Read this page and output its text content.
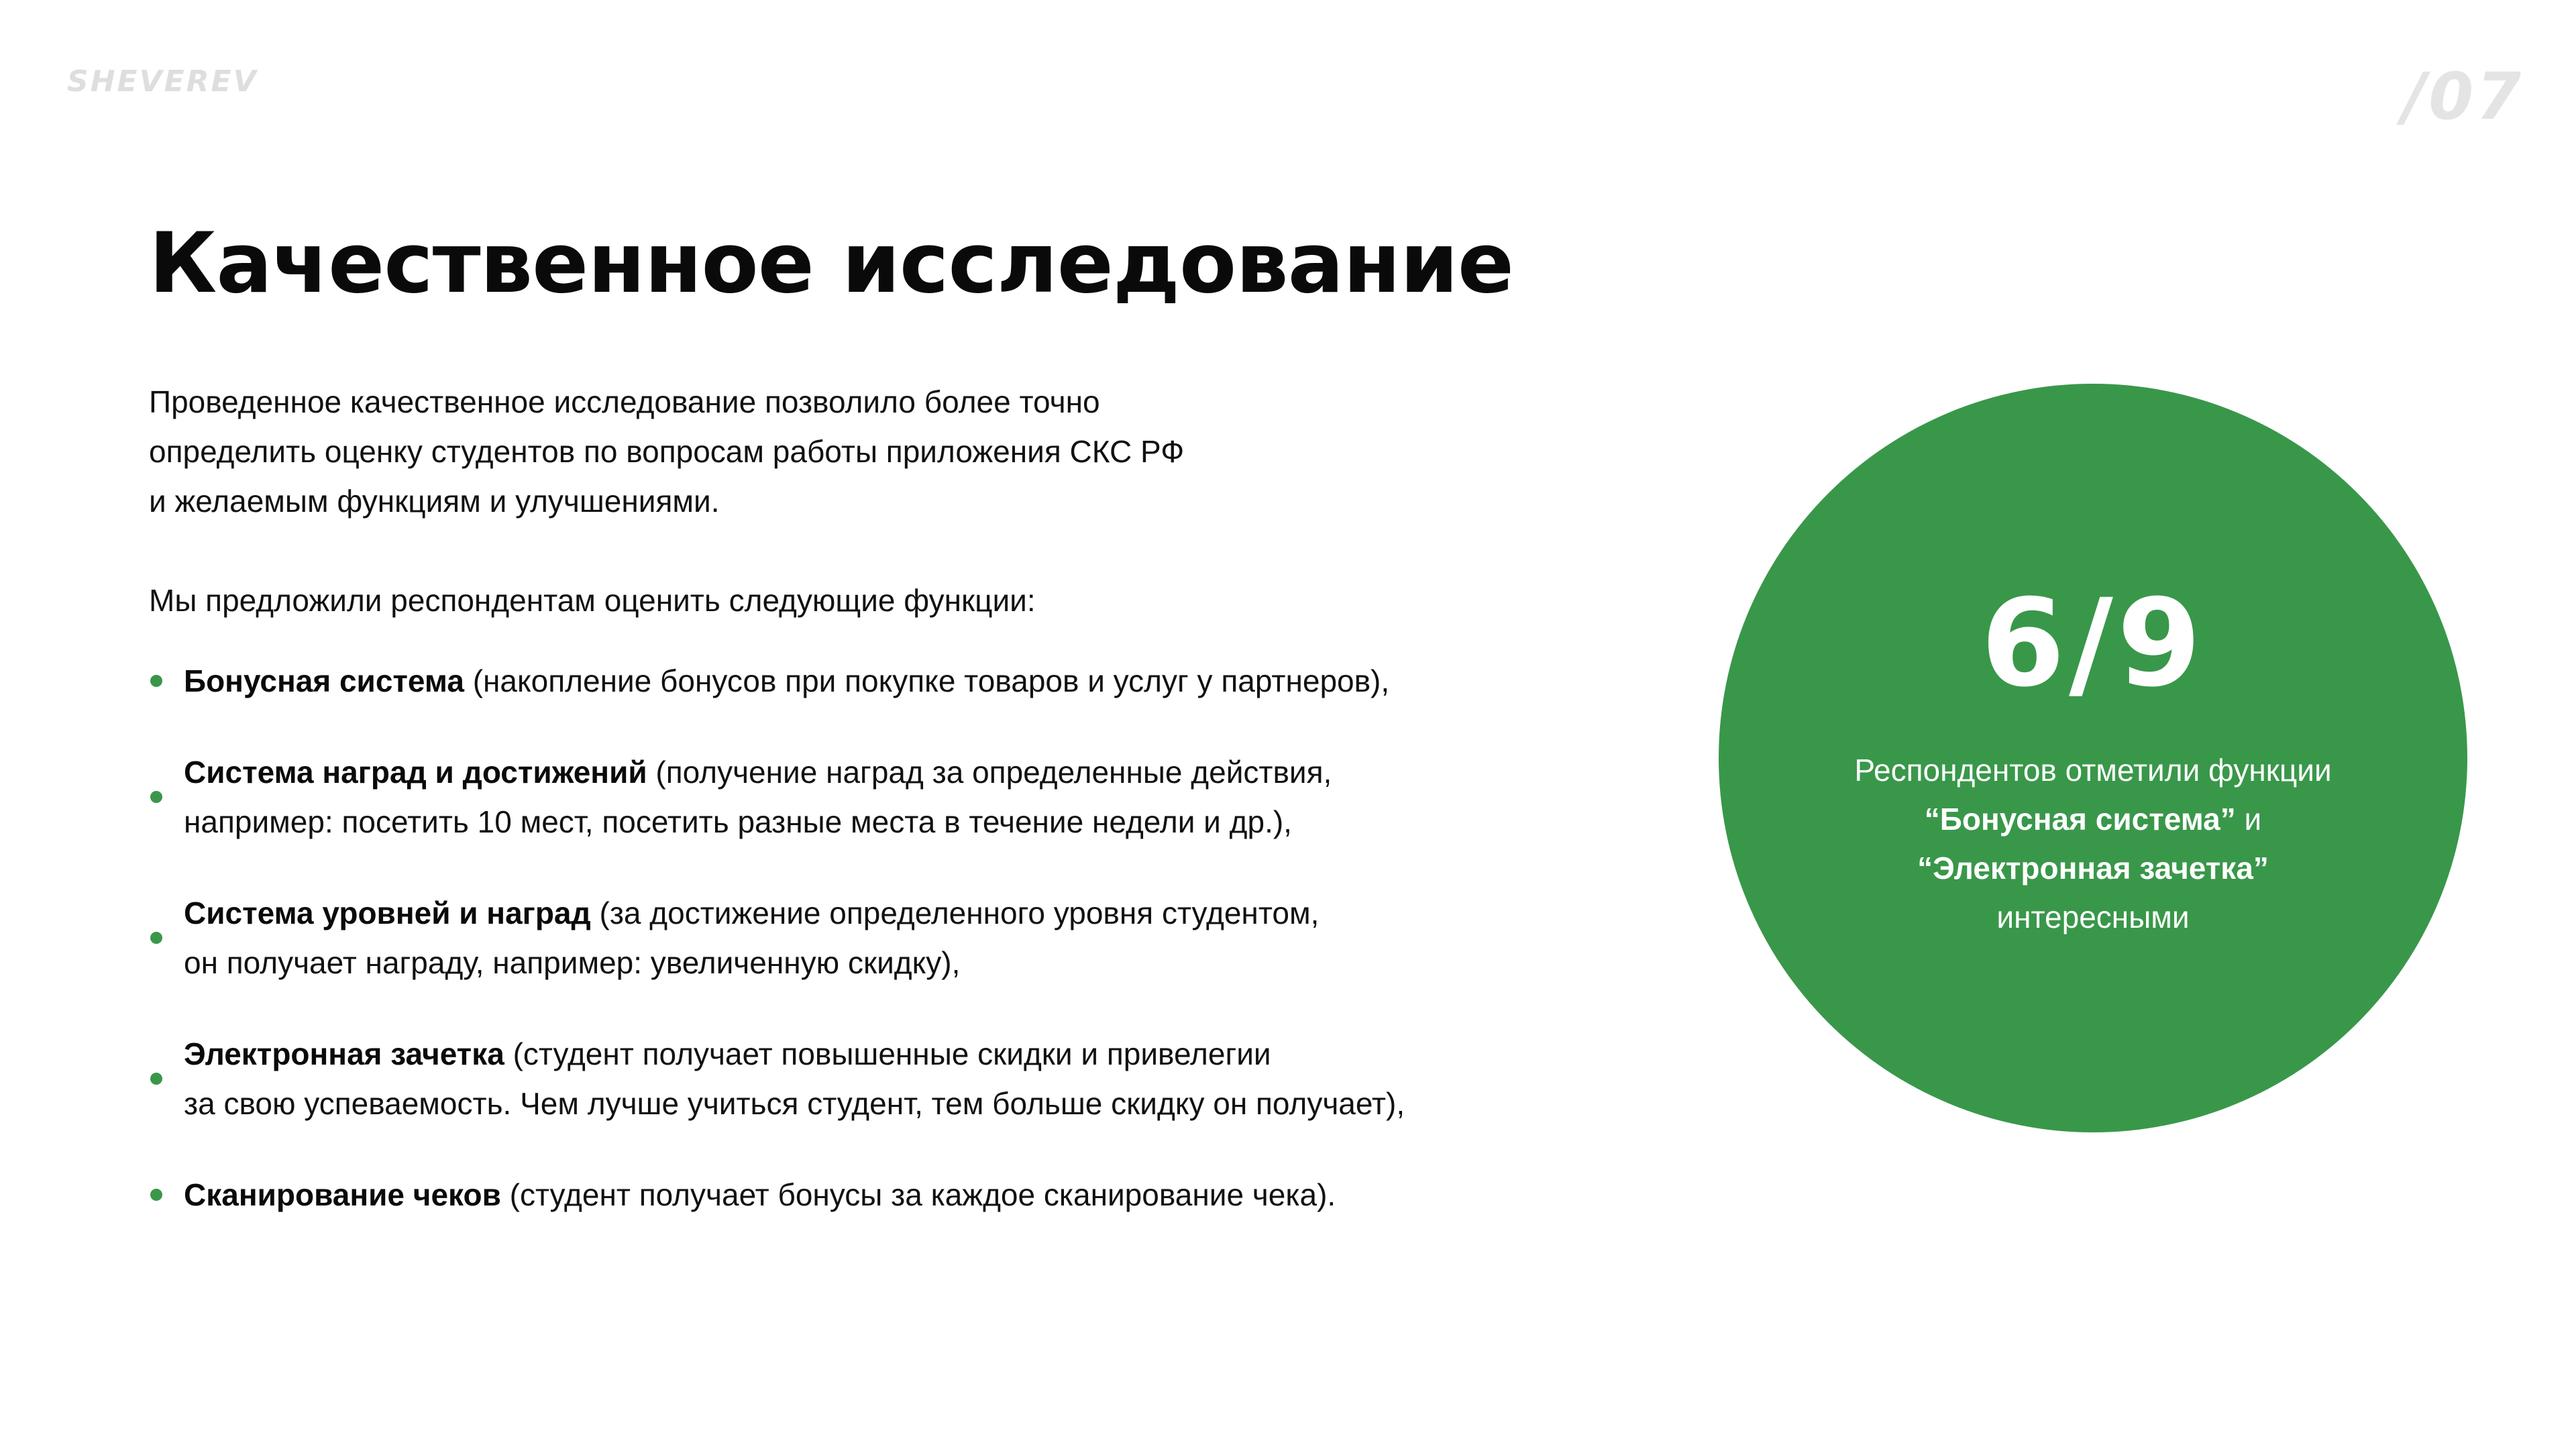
SHEVEREV	/07
Качественное исследование

Проведенное качественное исследование позволило более точно
определить оценку студентов по вопросам работы приложения СКС РФ
и желаемым функциям и улучшениями.

Мы предложили респондентам оценить следующие функции:

Бонусная система (накопление бонусов при покупке товаров и услуг у партнеров),
Система наград и достижений (получение наград за определенные действия,
например: посетить 10 мест, посетить разные места в течение недели и др.),
Система уровней и наград (за достижение определенного уровня студентом,
он получает награду, например: увеличенную скидку),
Электронная зачетка (студент получает повышенные скидки и привелегии
за свою успеваемость. Чем лучше учиться студент, тем больше скидку он получает),
Сканирование чеков (студент получает бонусы за каждое сканирование чека).
6/9
Респондентов отметили функции “Бонусная система” и “Электронная зачетка” интересными
